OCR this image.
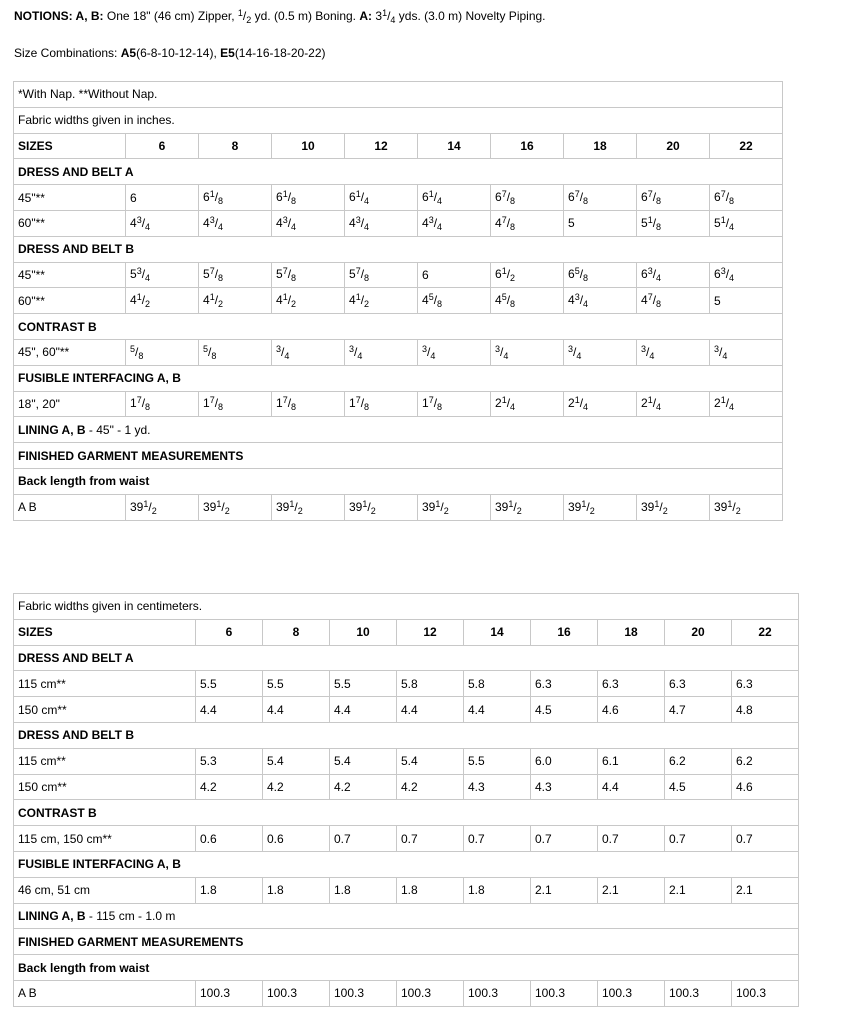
NOTIONS: A, B: One 18" (46 cm) Zipper, $^1/_2$ yd. (0.5 m) Boning. A: $3^1/_4$ yds. (3.0 m) Novelty Piping.
Size Combinations: A5(6-8-10-12-14), E5(14-16-18-20-22)
*With Nap. **Without Nap.										
Fabric widths given in inches.										
SIZES	6	8	10	12	14	16	18	20	22	
DRESS AND BELT A										
45"**	6	$6^1/_8$	$6^1/_8$	$6^1/_4$	$6^1/_4$	$6^7/_8$	$6^7/_8$	$6^7/_8$	$6^7/_8$	
60"**	$4^3/_4$	$4^3/_4$	$4^3/_4$	$4^3/_4$	$4^3/_4$	$4^7/_8$	5	$5^1/_8$	$5^1/_4$	
DRESS AND BELT B										
45"**	$5^3/_4$	$5^7/_8$	$5^7/_8$	$5^7/_8$	6	$6^1/_2$	$6^5/_8$	$6^3/_4$	$6^3/_4$	
60"**	$4^1/_2$	$4^1/_2$	$4^1/_2$	$4^1/_2$	$4^5/_8$	$4^5/_8$	$4^3/_4$	$4^7/_8$	5	
CONTRAST B										
45", 60"**	$^5/_8$	$^5/_8$	$^3/_4$	$^3/_4$	$^3/_4$	$^3/_4$	$^3/_4$	$^3/_4$	$^3/_4$	
FUSIBLE INTERFACING A, B										
18", 20"	$1^7/_8$	$1^7/_8$	$1^7/_8$	$1^7/_8$	$1^7/_8$	$2^1/_4$	$2^1/_4$	$2^1/_4$	$2^1/_4$	
LINING A, B - 45" - 1 yd.										
FINISHED GARMENT MEASUREMENTS										
Back length from waist										
A B	$39^1/_2$	$39^1/_2$	$39^1/_2$	$39^1/_2$	$39^1/_2$	$39^1/_2$	$39^1/_2$	$39^1/_2$	$39^1/_2$	
Fabric widths given in centimeters.										
SIZES	6	8	10	12	14	16	18	20	22	
DRESS AND BELT A										
115 cm**	5.5	5.5	5.5	5.8	5.8	6.3	6.3	6.3	6.3	
150 cm**	4.4	4.4	4.4	4.4	4.4	4.5	4.6	4.7	4.8	
DRESS AND BELT B										
115 cm**	5.3	5.4	5.4	5.4	5.5	6.0	6.1	6.2	6.2	
150 cm**	4.2	4.2	4.2	4.2	4.3	4.3	4.4	4.5	4.6	
CONTRAST B										
115 cm, 150 cm**	0.6	0.6	0.7	0.7	0.7	0.7	0.7	0.7	0.7	
FUSIBLE INTERFACING A, B										
46 cm, 51 cm	1.8	1.8	1.8	1.8	1.8	2.1	2.1	2.1	2.1	
LINING A, B - 115 cm - 1.0 m										
FINISHED GARMENT MEASUREMENTS										
Back length from waist										
A B	100.3	100.3	100.3	100.3	100.3	100.3	100.3	100.3	100.3	
